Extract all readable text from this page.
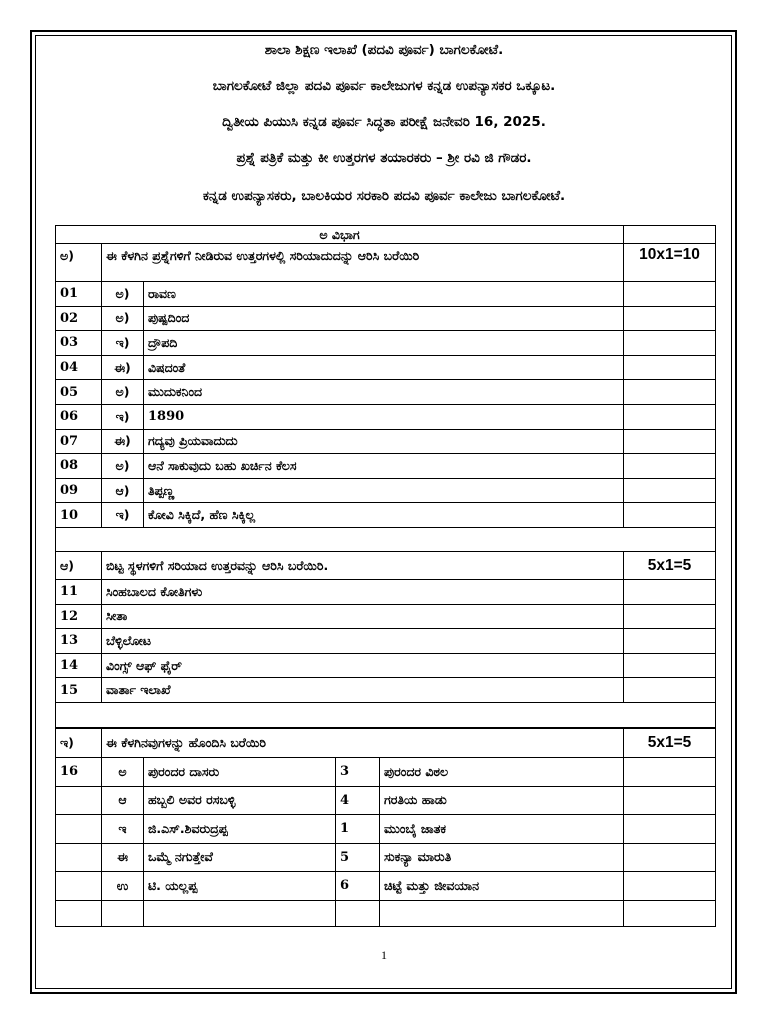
ಶಾಲಾ ಶಿಕ್ಷಣ ಇಲಾಖೆ (ಪದವಿ ಪೂರ್ವ) ಬಾಗಲಕೋಟೆ.
ಬಾಗಲಕೋಟೆ ಜಿಲ್ಲಾ ಪದವಿ ಪೂರ್ವ ಕಾಲೇಜುಗಳ ಕನ್ನಡ ಉಪನ್ಯಾಸಕರ ಒಕ್ಕೂಟ.
ದ್ವಿತೀಯ ಪಿಯುಸಿ ಕನ್ನಡ ಪೂರ್ವ ಸಿದ್ಧತಾ ಪರೀಕ್ಷೆ ಜನೇವರಿ 16, 2025.
ಪ್ರಶ್ನೆ ಪತ್ರಿಕೆ ಮತ್ತು ಕೀ ಉತ್ತರಗಳ ತಯಾರಕರು – ಶ್ರೀ ರವಿ ಜಿ ಗೌಡರ.
ಕನ್ನಡ ಉಪನ್ಯಾಸಕರು, ಬಾಲಕಿಯರ ಸರಕಾರಿ ಪದವಿ ಪೂರ್ವ ಕಾಲೇಜು ಬಾಗಲಕೋಟೆ.
ಅ ವಿಭಾಗ			
ಅ)	ಈ ಕೆಳಗಿನ ಪ್ರಶ್ನೆಗಳಿಗೆ ನೀಡಿರುವ ಉತ್ತರಗಳಲ್ಲಿ ಸರಿಯಾದುದನ್ನು ಆರಿಸಿ ಬರೆಯಿರಿ		10x1=10
01	ಅ)	ರಾವಣ	
02	ಅ)	ಪುಷ್ಪದಿಂದ	
03	ಇ)	ದ್ರೌಪದಿ	
04	ಈ)	ವಿಷದಂತೆ	
05	ಅ)	ಮುದುಕನಿಂದ	
06	ಇ)	1890	
07	ಈ)	ಗದ್ಯವು ಪ್ರಿಯವಾದುದು	
08	ಅ)	ಆನೆ ಸಾಕುವುದು ಬಹು ಖರ್ಚಿನ ಕೆಲಸ	
09	ಆ)	ತಿಪ್ಪಣ್ಣ	
10	ಇ)	ಕೋವಿ ಸಿಕ್ಕಿದೆ, ಹೆಣ ಸಿಕ್ಕಿಲ್ಲ	

ಆ)	ಬಿಟ್ಟ ಸ್ಥಳಗಳಿಗೆ ಸರಿಯಾದ ಉತ್ತರವನ್ನು ಆರಿಸಿ ಬರೆಯಿರಿ.	5x1=5
11	ಸಿಂಹಬಾಲದ ಕೋತಿಗಳು	
12	ಸೀತಾ	
13	ಬೆಳ್ಳಿಲೋಟ	
14	ವಿಂಗ್ಸ್ ಆಫ್ ಫೈರ್	
15	ವಾರ್ತಾ ಇಲಾಖೆ	

ಇ)	ಈ ಕೆಳಗಿನವುಗಳನ್ನು ಹೊಂದಿಸಿ ಬರೆಯಿರಿ				5x1=5
16	ಅ	ಪುರಂದರ ದಾಸರು	3	ಪುರಂದರ ವಿಠಲ	
	ಆ	ಹಬ್ಬಲಿ ಅವರ ರಸಬಳ್ಳಿ	4	ಗರತಿಯ ಹಾಡು	
	ಇ	ಜಿ.ಎಸ್.ಶಿವರುದ್ರಪ್ಪ	1	ಮುಂಬೈ ಜಾತಕ	
	ಈ	ಒಮ್ಮೆ ನಗುತ್ತೇವೆ	5	ಸುಕನ್ಯಾ ಮಾರುತಿ	
	ಉ	ಟಿ. ಯಲ್ಲಪ್ಪ	6	ಚಿಟ್ಟೆ ಮತ್ತು ಜೀವಯಾನ	

1
